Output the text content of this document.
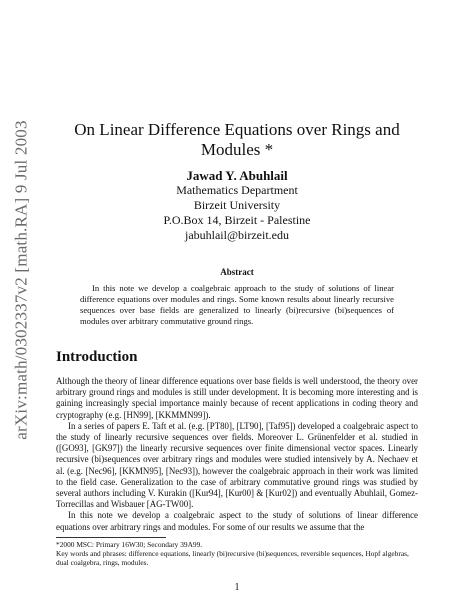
arXiv:math/0302337v2 [math.RA] 9 Jul 2003	On Linear Difference Equations over Rings and
Modules *
Jawad Y. Abuhlail
Mathematics Department
Birzeit University
P.O.Box 14, Birzeit - Palestine
jabuhlail@birzeit.edu
Abstract
In this note we develop a coalgebraic approach to the study of solutions of linear difference equations over modules and rings. Some known results about linearly recursive sequences over base fields are generalized to linearly (bi)recursive (bi)sequences of modules over arbitrary commutative ground rings.
Introduction

Although the theory of linear difference equations over base fields is well understood, the theory over arbitrary ground rings and modules is still under development. It is becoming more interesting and is gaining increasingly special importance mainly because of recent applications in coding theory and cryptography (e.g. [HN99], [KKMMN99]).

In a series of papers E. Taft et al. (e.g. [PT80], [LT90], [Taf95]) developed a coalgebraic aspect to the study of linearly recursive sequences over fields. Moreover L. Grünenfelder et al. studied in ([GO93], [GK97]) the linearly recursive sequences over finite dimensional vector spaces. Linearly recursive (bi)sequences over arbitrary rings and modules were studied intensively by A. Nechaev et al. (e.g. [Nec96], [KKMN95], [Nec93]), however the coalgebraic approach in their work was limited to the field case. Generalization to the case of arbitrary commutative ground rings was studied by several authors including V. Kurakin ([Kur94], [Kur00] & [Kur02]) and eventually Abuhlail, Gomez-Torrecillas and Wisbauer [AG-TW00].

In this note we develop a coalgebraic aspect to the study of solutions of linear difference equations over arbitrary rings and modules. For some of our results we assume that the

*2000 MSC: Primary 16W30; Secondary 39A99.

Key words and phrases: difference equations, linearly (bi)recursive (bi)sequences, reversible sequences, Hopf algebras, dual coalgebra, rings, modules.

1
